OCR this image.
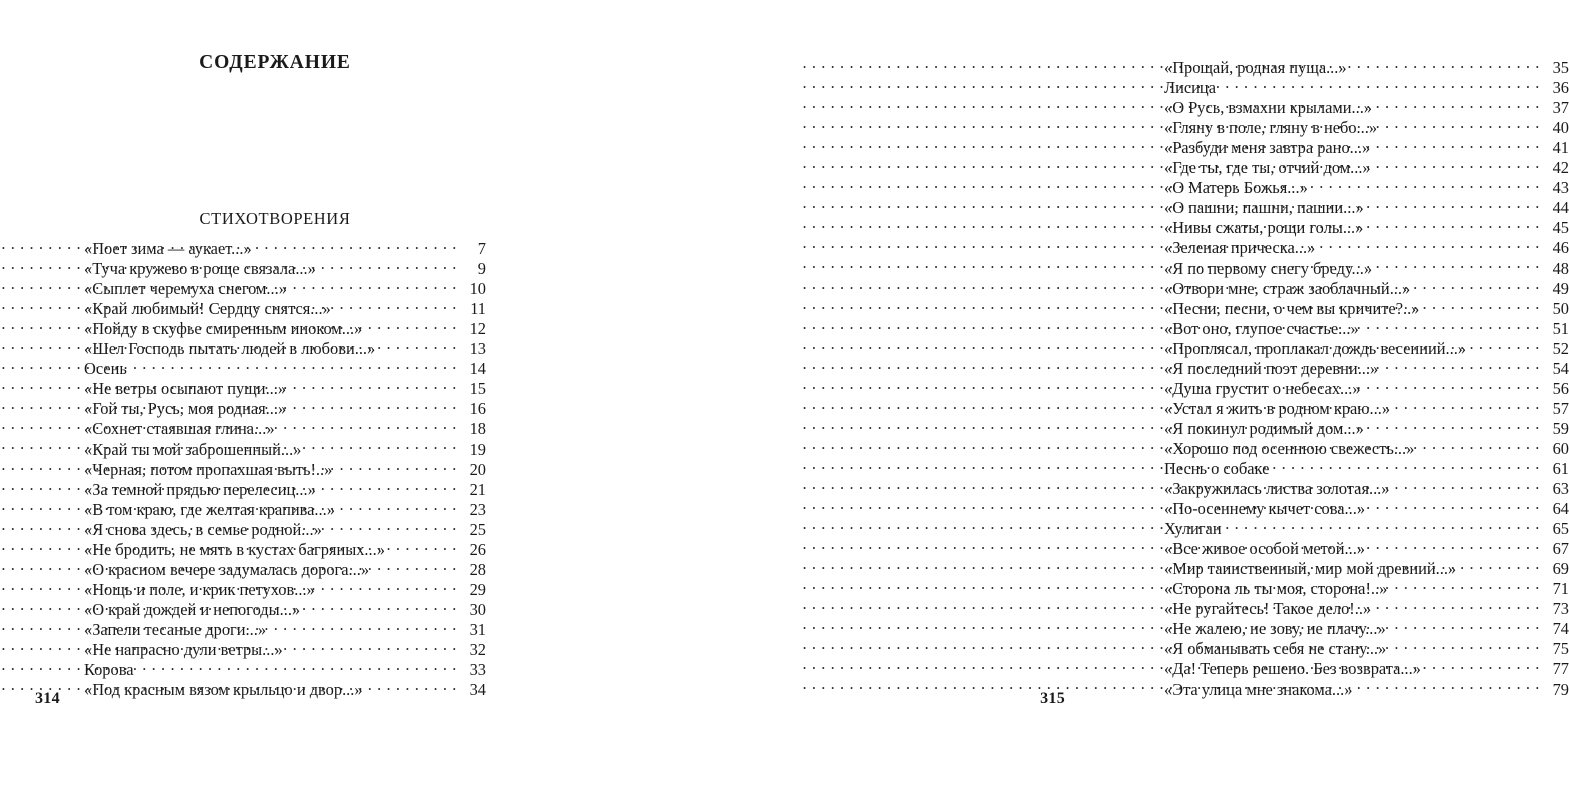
СОДЕРЖАНИЕ
СТИХОТВОРЕНИЯ
«Поет зима — аукает...» . . .	7
«Туча кружево в роще связала...» . . .	9
«Сыплет черемуха снегом...» . . .	10
«Край любимый! Сердцу снятся...» . . .	11
«Пойду в скуфье смиренным иноком...» . . .	12
«Шел Господь пытать людей в любови...» . . .	13
Осень . . .	14
«Не ветры осыпают пущи...» . . .	15
«Гой ты, Русь, моя родная...» . . .	16
«Сохнет стаявшая глина...» . . .	18
«Край ты мой заброшенный...» . . .	19
«Черная, потом пропахшая выть!..» . . .	20
«За темной прядью перелесиц...» . . .	21
«В том краю, где желтая крапива...» . . .	23
«Я снова здесь, в семье родной...» . . .	25
«Не бродить, не мять в кустах багряных...» . . .	26
«О красном вечере задумалась дорога...» . . .	28
«Нощь и поле, и крик петухов...» . . .	29
«О край дождей и непогоды...» . . .	30
«Запели тесаные дроги...» . . .	31
«Не напрасно дули ветры...» . . .	32
Корова . . .	33
«Под красным вязом крыльцо и двор...» . . .	34
314
«Прощай, родная пуща...» . . .	35
Лисица . . .	36
«О Русь, взмахни крылами...» . . .	37
«Гляну в поле, гляну в небо...» . . .	40
«Разбуди меня завтра рано...» . . .	41
«Где ты, где ты, отчий дом...» . . .	42
«О Матерь Божья...» . . .	43
«О пашни, пашни, пашни...» . . .	44
«Нивы сжаты, рощи голы...» . . .	45
«Зеленая прическа...» . . .	46
«Я по первому снегу бреду...» . . .	48
«Отвори мне, страж заоблачный...» . . .	49
«Песни, песни, о чем вы кричите?..» . . .	50
«Вот оно, глупое счастье...» . . .	51
«Проплясал, проплакал дождь весенний...» . . .	52
«Я последний поэт деревни...» . . .	54
«Душа грустит о небесах...» . . .	56
«Устал я жить в родном краю...» . . .	57
«Я покинул родимый дом...» . . .	59
«Хорошо под осеннюю свежесть...» . . .	60
Песнь о собаке . . .	61
«Закружилась листва золотая...» . . .	63
«По-осеннему кычет сова...» . . .	64
Хулиган . . .	65
«Все живое особой метой...» . . .	67
«Мир таинственный, мир мой древний...» . . .	69
«Сторона ль ты моя, сторона!..» . . .	71
«Не ругайтесь! Такое дело!..» . . .	73
«Не жалею, не зову, не плачу...» . . .	74
«Я обманывать себя не стану...» . . .	75
«Да! Теперь решено. Без возврата...» . . .	77
«Эта улица мне знакома...» . . .	79
315
